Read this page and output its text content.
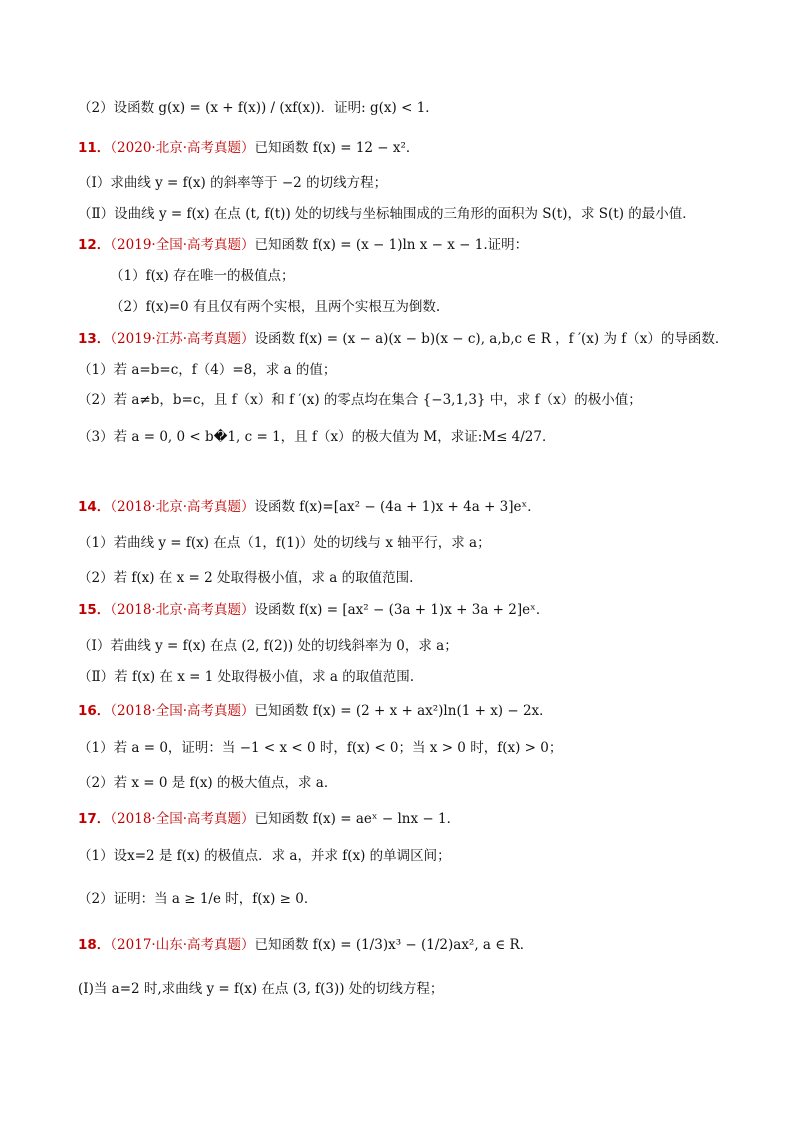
（2）设函数 g(x) = (x + f(x)) / (xf(x))．证明: g(x) < 1．
11．（2020·北京·高考真题）已知函数 f(x) = 12 − x²．
（Ⅰ）求曲线 y = f(x) 的斜率等于 −2 的切线方程；
（Ⅱ）设曲线 y = f(x) 在点 (t, f(t)) 处的切线与坐标轴围成的三角形的面积为 S(t)，求 S(t) 的最小值．
12．（2019·全国·高考真题）已知函数 f(x) = (x − 1)ln x − x − 1.证明：
（1）f(x) 存在唯一的极值点；
（2）f(x)=0 有且仅有两个实根，且两个实根互为倒数.
13．（2019·江苏·高考真题）设函数 f(x) = (x − a)(x − b)(x − c), a,b,c ∈ R ，f ′(x) 为 f（x）的导函数．
（1）若 a=b=c，f（4）=8，求 a 的值；
（2）若 a≠b，b=c，且 f（x）和 f ′(x) 的零点均在集合 {−3,1,3} 中，求 f（x）的极小值；
（3）若 a = 0, 0 < b�1, c = 1，且 f（x）的极大值为 M，求证:M≤ 4/27．
14．（2018·北京·高考真题）设函数 f(x)=[ax² − (4a + 1)x + 4a + 3]eˣ．
（1）若曲线 y = f(x) 在点（1，f(1)）处的切线与 x 轴平行，求 a；
（2）若 f(x) 在 x = 2 处取得极小值，求 a 的取值范围.
15．（2018·北京·高考真题）设函数 f(x) = [ax² − (3a + 1)x + 3a + 2]eˣ．
（Ⅰ）若曲线 y = f(x) 在点 (2, f(2)) 处的切线斜率为 0，求 a；
（Ⅱ）若 f(x) 在 x = 1 处取得极小值，求 a 的取值范围.
16．（2018·全国·高考真题）已知函数 f(x) = (2 + x + ax²)ln(1 + x) − 2x．
（1）若 a = 0，证明：当 −1 < x < 0 时，f(x) < 0；当 x > 0 时，f(x) > 0；
（2）若 x = 0 是 f(x) 的极大值点，求 a．
17．（2018·全国·高考真题）已知函数 f(x) = aeˣ − lnx − 1．
（1）设x=2 是 f(x) 的极值点．求 a，并求 f(x) 的单调区间；
（2）证明：当 a ≥ 1/e 时，f(x) ≥ 0．
18．（2017·山东·高考真题）已知函数 f(x) = (1/3)x³ − (1/2)ax², a ∈ R．
(Ⅰ)当 a=2 时,求曲线 y = f(x) 在点 (3, f(3)) 处的切线方程；
